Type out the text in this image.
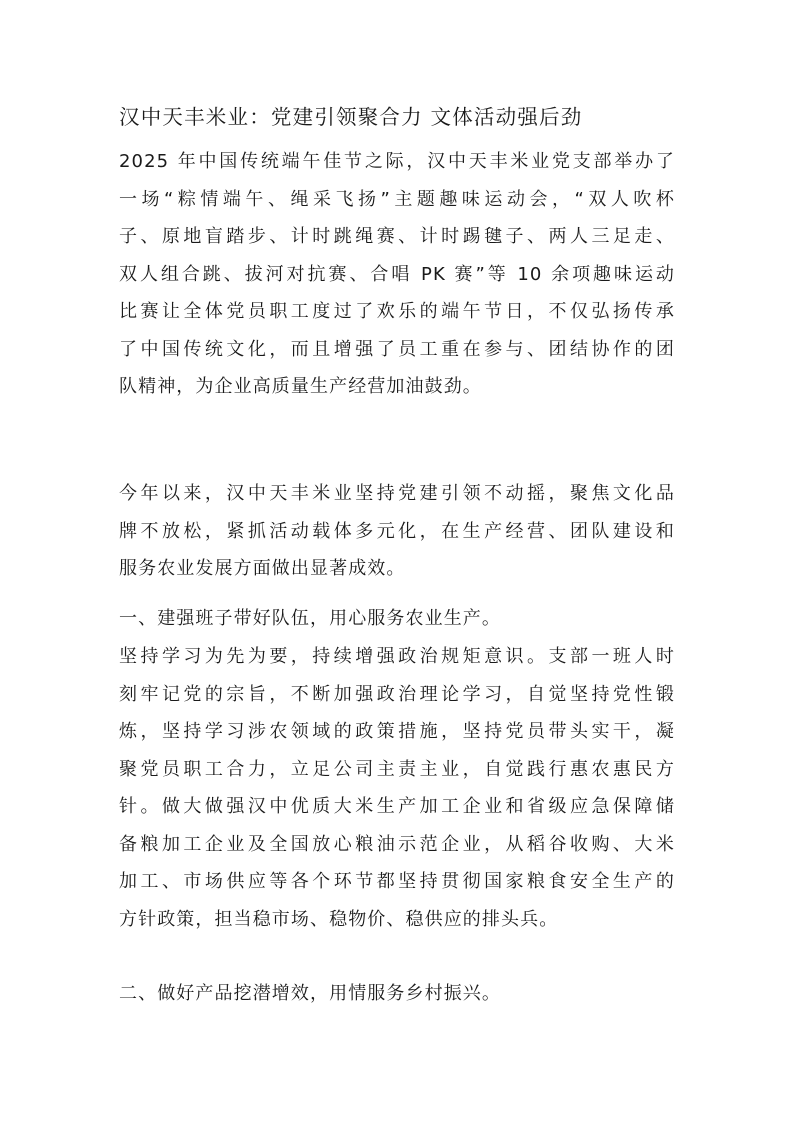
汉中天丰米业：党建引领聚合力 文体活动强后劲

2025 年中国传统端午佳节之际，汉中天丰米业党支部举办了
一场“粽情端午、绳采飞扬”主题趣味运动会，“双人吹杯
子、原地盲踏步、计时跳绳赛、计时踢毽子、两人三足走、
双人组合跳、拔河对抗赛、合唱 PK 赛”等 10 余项趣味运动
比赛让全体党员职工度过了欢乐的端午节日，不仅弘扬传承
了中国传统文化，而且增强了员工重在参与、团结协作的团
队精神，为企业高质量生产经营加油鼓劲。

今年以来，汉中天丰米业坚持党建引领不动摇，聚焦文化品
牌不放松，紧抓活动载体多元化，在生产经营、团队建设和
服务农业发展方面做出显著成效。

一、建强班子带好队伍，用心服务农业生产。

坚持学习为先为要，持续增强政治规矩意识。支部一班人时
刻牢记党的宗旨，不断加强政治理论学习，自觉坚持党性锻
炼，坚持学习涉农领域的政策措施，坚持党员带头实干，凝
聚党员职工合力，立足公司主责主业，自觉践行惠农惠民方
针。做大做强汉中优质大米生产加工企业和省级应急保障储
备粮加工企业及全国放心粮油示范企业，从稻谷收购、大米
加工、市场供应等各个环节都坚持贯彻国家粮食安全生产的
方针政策，担当稳市场、稳物价、稳供应的排头兵。

二、做好产品挖潜增效，用情服务乡村振兴。
